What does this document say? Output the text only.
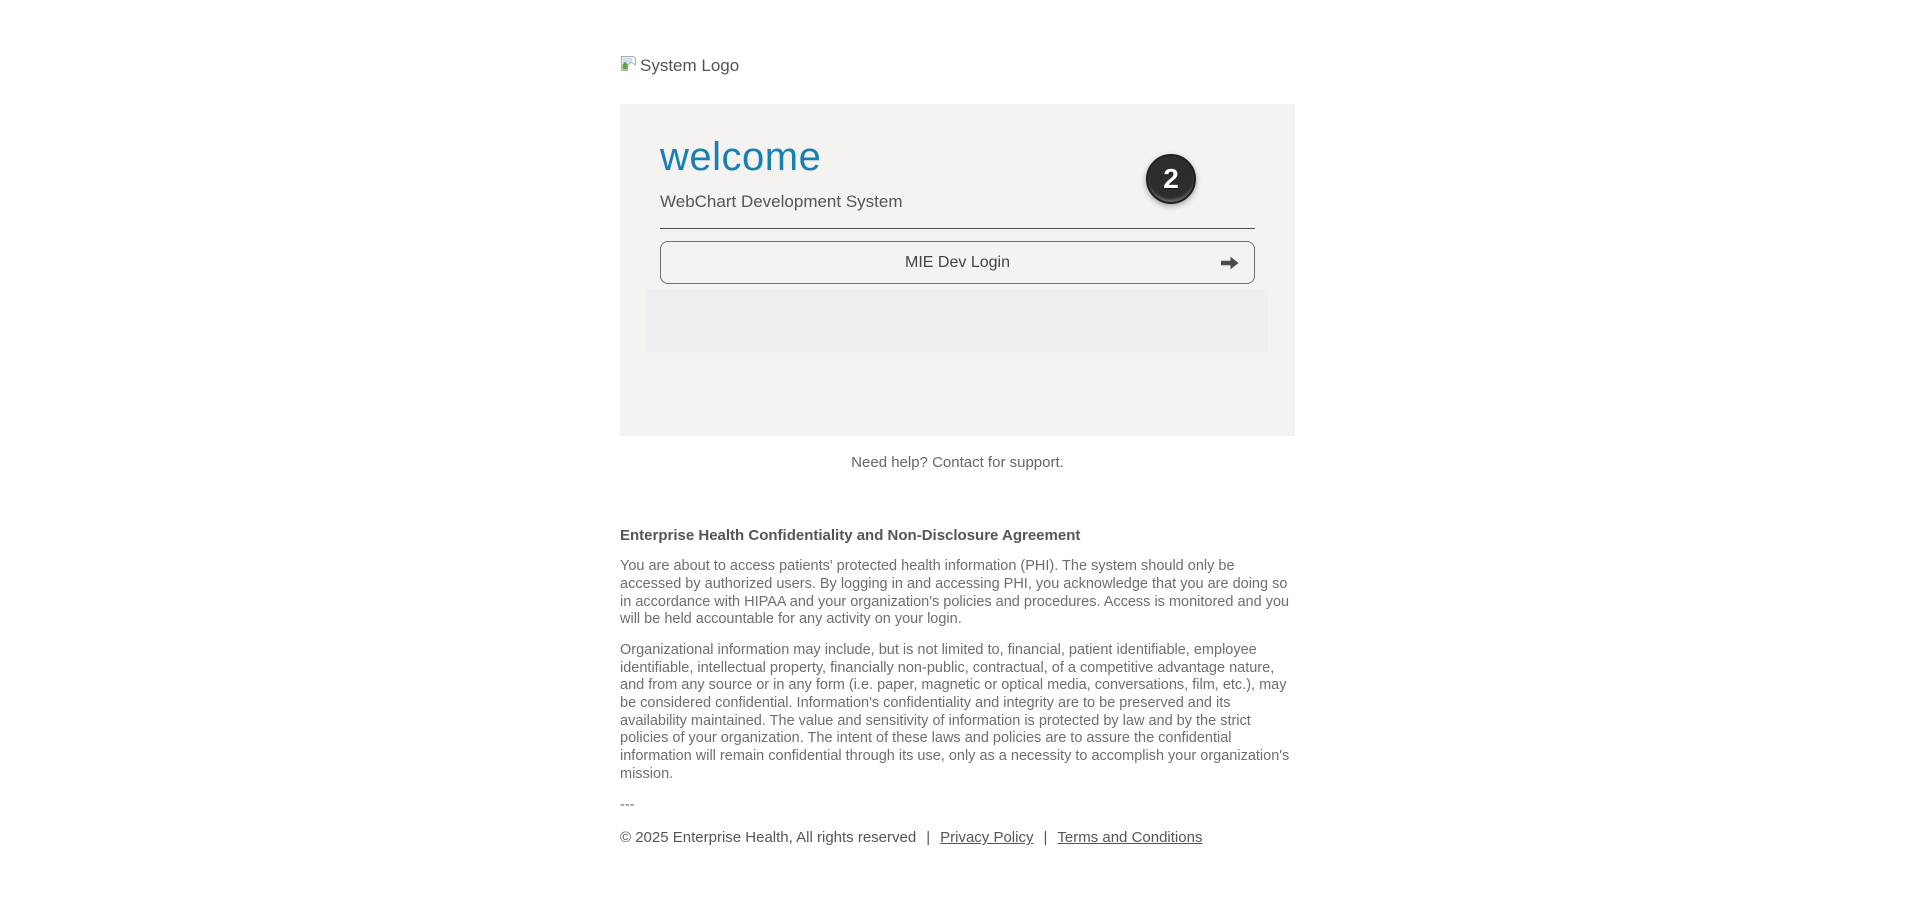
System Logo
welcome
WebChart Development System
MIE Dev Login
2
Need help? Contact for support.
Enterprise Health Confidentiality and Non-Disclosure Agreement

You are about to access patients' protected health information (PHI). The system should only be accessed by authorized users. By logging in and accessing PHI, you acknowledge that you are doing so in accordance with HIPAA and your organization's policies and procedures. Access is monitored and you will be held accountable for any activity on your login.

Organizational information may include, but is not limited to, financial, patient identifiable, employee identifiable, intellectual property, financially non-public, contractual, of a competitive advantage nature, and from any source or in any form (i.e. paper, magnetic or optical media, conversations, film, etc.), may be considered confidential. Information's confidentiality and integrity are to be preserved and its availability maintained. The value and sensitivity of information is protected by law and by the strict policies of your organization. The intent of these laws and policies are to assure the confidential information will remain confidential through its use, only as a necessity to accomplish your organization's mission.

---
© 2025 Enterprise Health, All rights reserved | Privacy Policy | Terms and Conditions
